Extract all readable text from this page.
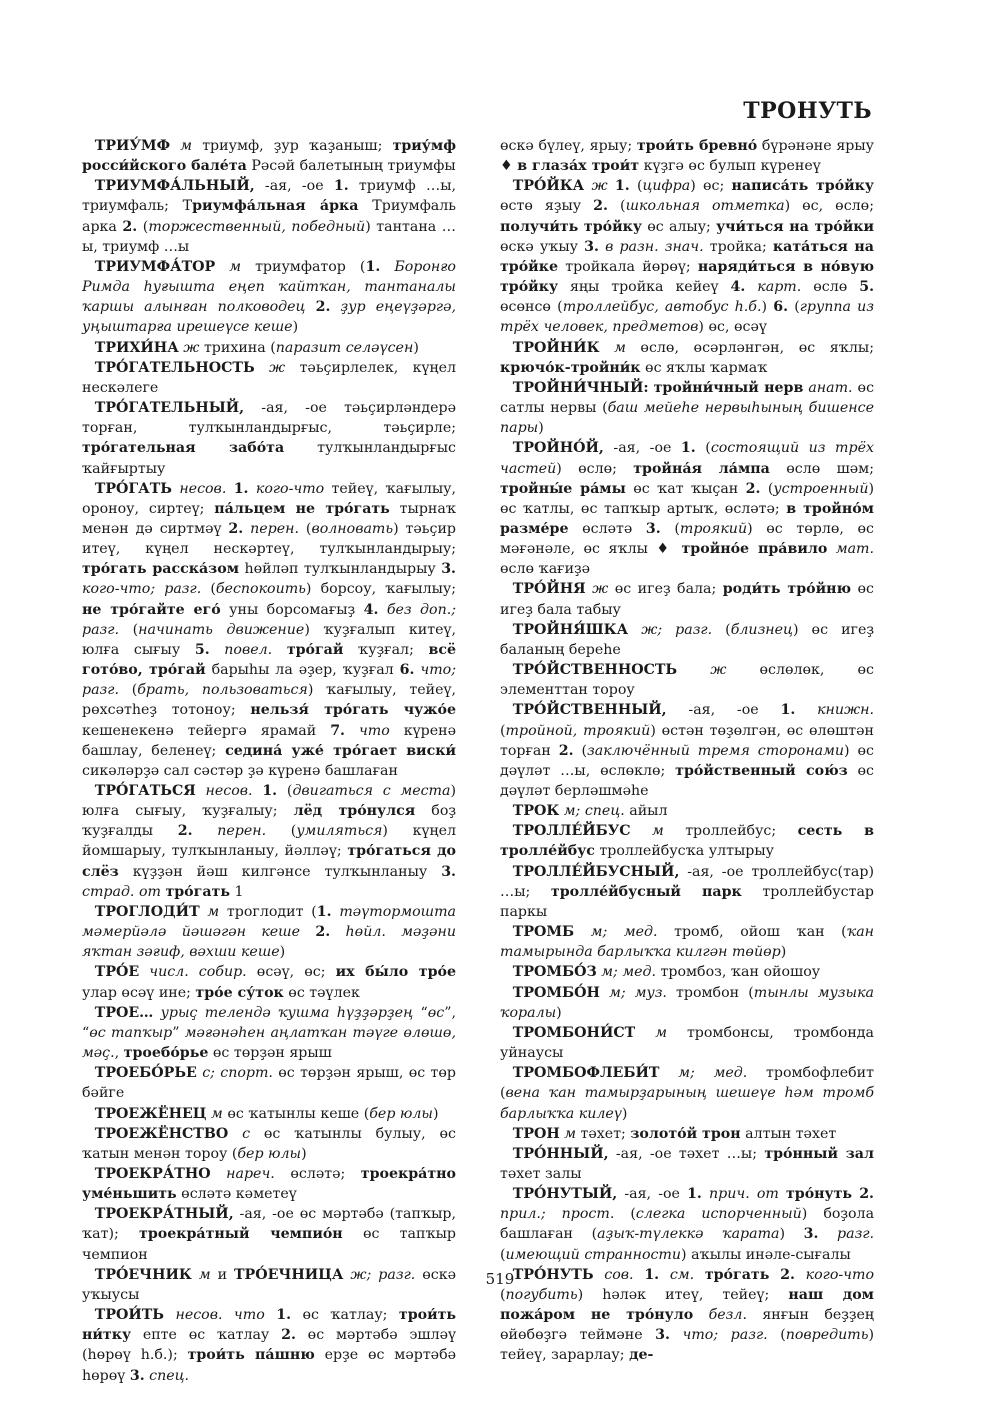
ТРОНУТЬ

ТРИУ́МФ м триумф, ҙур ҡаҙаныш; триу́мф росси́йского бале́та Рәсәй балетының триумфы

ТРИУМФА́ЛЬНЫЙ, -ая, -ое 1. триумф …ы, триумфаль; Триумфа́льная а́рка Триумфаль арка 2. (торжественный, победный) тантана …ы, триумф …ы

ТРИУМФА́ТОР м триумфатор (1. Боронғо Римда һуғышта еңеп ҡайтҡан, тантаналы ҡаршы алынған полководец 2. ҙур еңеүҙәргә, уңыштарға ирешеүсе кеше)

ТРИХИ́НА ж трихина (паразит селәүсен)

ТРО́ГАТЕЛЬНОСТЬ ж тәьҫирлелек, күңел нескәлеге

ТРО́ГАТЕЛЬНЫЙ, -ая, -ое тәьҫирләндерә торған, тулҡынландырғыс, тәьҫирле; тро́гательная забо́та тулҡынландырғыс ҡайғыртыу

ТРО́ГАТЬ несов. 1. кого-что тейеү, ҡағылыу, ороноу, сиртеү; па́льцем не тро́гать тырнаҡ менән дә сиртмәү 2. перен. (волновать) тәьҫир итеү, күңел нескәртеү, тулҡынландырыу; тро́гать расска́зом һөйләп тулҡынландырыу 3. кого-что; разг. (беспокоить) борсоу, ҡағылыу; не тро́гайте его́ уны борсомағыҙ 4. без доп.; разг. (начинать движение) ҡуҙғалып китеү, юлға сығыу 5. повел. тро́гай ҡуҙғал; всё гото́во, тро́гай барыһы ла әҙер, ҡуҙғал 6. что; разг. (брать, пользоваться) ҡағылыу, тейеү, рөхсәтһеҙ тотоноу; нельзя́ тро́гать чужо́е кешенекенә тейергә ярамай 7. что күренә башлау, беленеү; седина́ уже́ тро́гает виски́ сикәләрҙә сал сәстәр ҙә күренә башлаған

ТРО́ГАТЬСЯ несов. 1. (двигаться с места) юлға сығыу, ҡуҙғалыу; лёд тро́нулся боҙ ҡуҙғалды 2. перен. (умиляться) күңел йомшарыу, тулҡынланыу, йәлләү; тро́гаться до слёз күҙҙән йәш килгәнсе тулҡынланыу 3. страд. от тро́гать 1

ТРОГЛОДИ́Т м троглодит (1. тәүтормошта мәмерйәлә йәшәгән кеше 2. һөйл. мәҙәни яҡтан зәғиф, вәхши кеше)

ТРО́Е числ. собир. өсәү, өс; их бы́ло тро́е улар өсәү ине; тро́е су́ток өс тәүлек

ТРОЕ… урыҫ телендә ҡушма һүҙҙәрҙең “өс”, “өс тапҡыр” мәғәнәһен аңлатҡан тәүге өлөшө, мәҫ., троебо́рье өс төрҙән ярыш

ТРОЕБО́РЬЕ с; спорт. өс төрҙән ярыш, өс төр бәйге

ТРОЕЖЁНЕЦ м өс ҡатынлы кеше (бер юлы)

ТРОЕЖЁНСТВО с өс ҡатынлы булыу, өс ҡатын менән тороу (бер юлы)

ТРОЕКРА́ТНО нареч. өсләтә; троекра́тно уме́ньшить өсләтә кәметеү

ТРОЕКРА́ТНЫЙ, -ая, -ое өс мәртәбә (тапҡыр, ҡат); троекра́тный чемпио́н өс тапҡыр чемпион

ТРО́ЕЧНИК м и ТРО́ЕЧНИЦА ж; разг. өскә уҡыусы

ТРОИ́ТЬ несов. что 1. өс ҡатлау; трои́ть ни́тку епте өс ҡатлау 2. өс мәртәбә эшләү (һөрөү һ.б.); трои́ть па́шню ерҙе өс мәртәбә һөрөү 3. спец.

өскә бүлеү, ярыу; трои́ть бревно́ бүрәнәне ярыу ♦ в глаза́х трои́т күҙгә өс булып күренеү

ТРО́ЙКА ж 1. (цифра) өс; написа́ть тро́йку өстө яҙыу 2. (школьная отметка) өс, өслө; получи́ть тро́йку өс алыу; учи́ться на тро́йки өскә уҡыу 3. в разн. знач. тройка; ката́ться на тро́йке тройкала йөрөү; наряди́ться в но́вую тро́йку яңы тройка кейеү 4. карт. өслө 5. өсөнсө (троллейбус, автобус һ.б.) 6. (группа из трёх человек, предметов) өс, өсәү

ТРОЙНИ́К м өслө, өсәрләнгән, өс яҡлы; крючо́к-тройни́к өс яҡлы ҡармаҡ

ТРОЙНИ́ЧНЫЙ: тройни́чный нерв анат. өс сатлы нервы (баш мейеһе нервыһының бишенсе пары)

ТРОЙНО́Й, -ая, -ое 1. (состоящий из трёх частей) өслө; тройна́я ла́мпа өслө шәм; тройны́е ра́мы өс ҡат ҡыҫан 2. (устроенный) өс ҡатлы, өс тапҡыр артыҡ, өсләтә; в тройно́м разме́ре өсләтә 3. (троякий) өс төрлө, өс мәғәнәле, өс яҡлы ♦ тройно́е пра́вило мат. өслө ҡағиҙә

ТРО́ЙНЯ ж өс игеҙ бала; роди́ть тро́йню өс игеҙ бала табыу

ТРОЙНЯ́ШКА ж; разг. (близнец) өс игеҙ баланың береһе

ТРО́ЙСТВЕННОСТЬ ж өслөлөк, өс элементтан тороу

ТРО́ЙСТВЕННЫЙ, -ая, -ое 1. книжн. (тройной, троякий) өстән төҙөлгән, өс өлөштән торған 2. (заключённый тремя сторонами) өс дәүләт …ы, өслөклө; тро́йственный сою́з өс дәүләт берләшмәһе

ТРОК м; спец. айыл

ТРОЛЛЕ́ЙБУС м троллейбус; сесть в тролле́йбус троллейбусҡа ултырыу

ТРОЛЛЕ́ЙБУСНЫЙ, -ая, -ое троллейбус(тар) …ы; тролле́йбусный парк троллейбустар паркы

ТРОМБ м; мед. тромб, ойош ҡан (ҡан тамырында барлыҡҡа килгән төйөр)

ТРОМБО́З м; мед. тромбоз, ҡан ойошоу

ТРОМБО́Н м; муз. тромбон (тынлы музыка ҡоралы)

ТРОМБОНИ́СТ м тромбонсы, тромбонда уйнаусы

ТРОМБОФЛЕБИ́Т м; мед. тромбофлебит (вена ҡан тамырҙарының шешеүе һәм тромб барлыҡҡа килеү)

ТРОН м тәхет; золото́й трон алтын тәхет

ТРО́ННЫЙ, -ая, -ое тәхет …ы; тро́нный зал тәхет залы

ТРО́НУТЫЙ, -ая, -ое 1. прич. от тро́нуть 2. прил.; прост. (слегка испорченный) боҙола башлаған (аҙыҡ-түлеккә ҡарата) 3. разг. (имеющий странности) аҡылы инәле-сығалы

ТРО́НУТЬ сов. 1. см. тро́гать 2. кого-что (погубить) һәләк итеү, тейеү; наш дом пожа́ром не тро́нуло безл. янғын беҙҙең өйөбөҙгә теймәне 3. что; разг. (повредить) тейеү, зарарлау; де-

519
